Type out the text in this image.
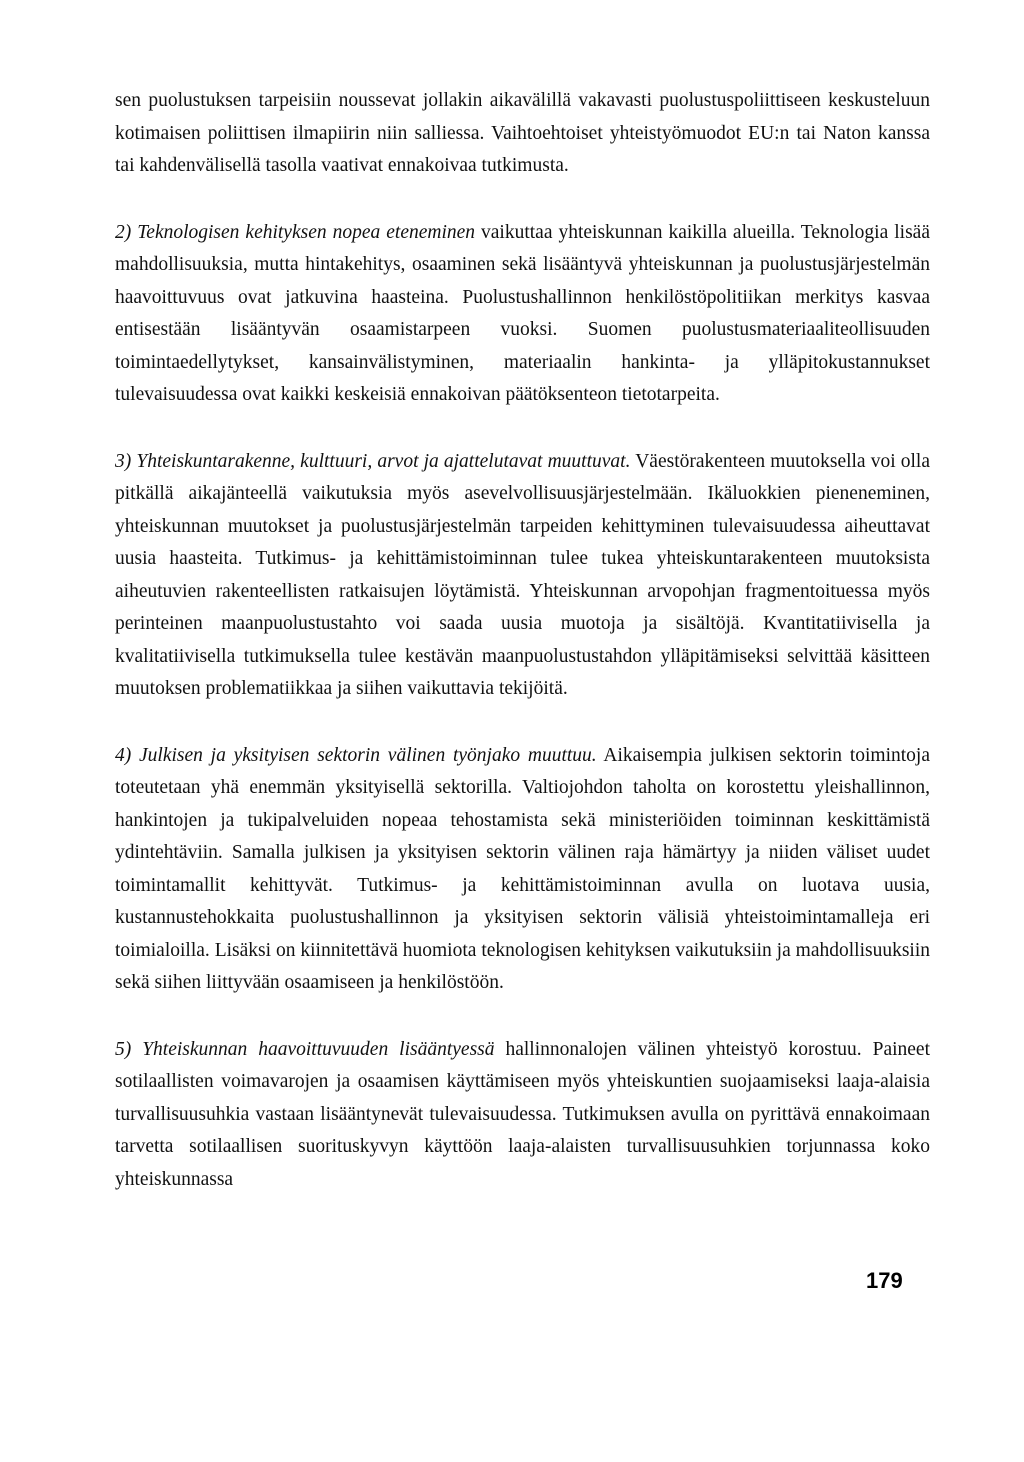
sen puolustuksen tarpeisiin noussevat jollakin aikavälillä vakavasti puolustuspoliittiseen keskusteluun kotimaisen poliittisen ilmapiirin niin salliessa. Vaihtoehtoiset yhteistyömuodot EU:n tai Naton kanssa tai kahdenvälisellä tasolla vaativat ennakoivaa tutkimusta.

2) Teknologisen kehityksen nopea eteneminen vaikuttaa yhteiskunnan kaikilla alueilla. Teknologia lisää mahdollisuuksia, mutta hintakehitys, osaaminen sekä lisääntyvä yhteiskunnan ja puolustusjärjestelmän haavoittuvuus ovat jatkuvina haasteina. Puolustushallinnon henkilöstöpolitiikan merkitys kasvaa entisestään lisääntyvän osaamistarpeen vuoksi. Suomen puolustusmateriaaliteollisuuden toimintaedellytykset, kansainvälistyminen, materiaalin hankinta- ja ylläpitokustannukset tulevaisuudessa ovat kaikki keskeisiä ennakoivan päätöksenteon tietotarpeita.

3) Yhteiskuntarakenne, kulttuuri, arvot ja ajattelutavat muuttuvat. Väestörakenteen muutoksella voi olla pitkällä aikajänteellä vaikutuksia myös asevelvollisuusjärjestelmään. Ikäluokkien pieneneminen, yhteiskunnan muutokset ja puolustusjärjestelmän tarpeiden kehittyminen tulevaisuudessa aiheuttavat uusia haasteita. Tutkimus- ja kehittämistoiminnan tulee tukea yhteiskuntarakenteen muutoksista aiheutuvien rakenteellisten ratkaisujen löytämistä. Yhteiskunnan arvopohjan fragmentoituessa myös perinteinen maanpuolustustahto voi saada uusia muotoja ja sisältöjä. Kvantitatiivisella ja kvalitatiivisella tutkimuksella tulee kestävän maanpuolustustahdon ylläpitämiseksi selvittää käsitteen muutoksen problematiikkaa ja siihen vaikuttavia tekijöitä.

4) Julkisen ja yksityisen sektorin välinen työnjako muuttuu. Aikaisempia julkisen sektorin toimintoja toteutetaan yhä enemmän yksityisellä sektorilla. Valtiojohdon taholta on korostettu yleishallinnon, hankintojen ja tukipalveluiden nopeaa tehostamista sekä ministeriöiden toiminnan keskittämistä ydintehtäviin. Samalla julkisen ja yksityisen sektorin välinen raja hämärtyy ja niiden väliset uudet toimintamallit kehittyvät. Tutkimus- ja kehittämistoiminnan avulla on luotava uusia, kustannustehokkaita puolustushallinnon ja yksityisen sektorin välisiä yhteistoimintamalleja eri toimialoilla. Lisäksi on kiinnitettävä huomiota teknologisen kehityksen vaikutuksiin ja mahdollisuuksiin sekä siihen liittyvään osaamiseen ja henkilöstöön.

5) Yhteiskunnan haavoittuvuuden lisääntyessä hallinnonalojen välinen yhteistyö korostuu. Paineet sotilaallisten voimavarojen ja osaamisen käyttämiseen myös yhteiskuntien suojaamiseksi laaja-alaisia turvallisuusuhkia vastaan lisääntynevät tulevaisuudessa. Tutkimuksen avulla on pyrittävä ennakoimaan tarvetta sotilaallisen suorituskyvyn käyttöön laaja-alaisten turvallisuusuhkien torjunnassa koko yhteiskunnassa

179
